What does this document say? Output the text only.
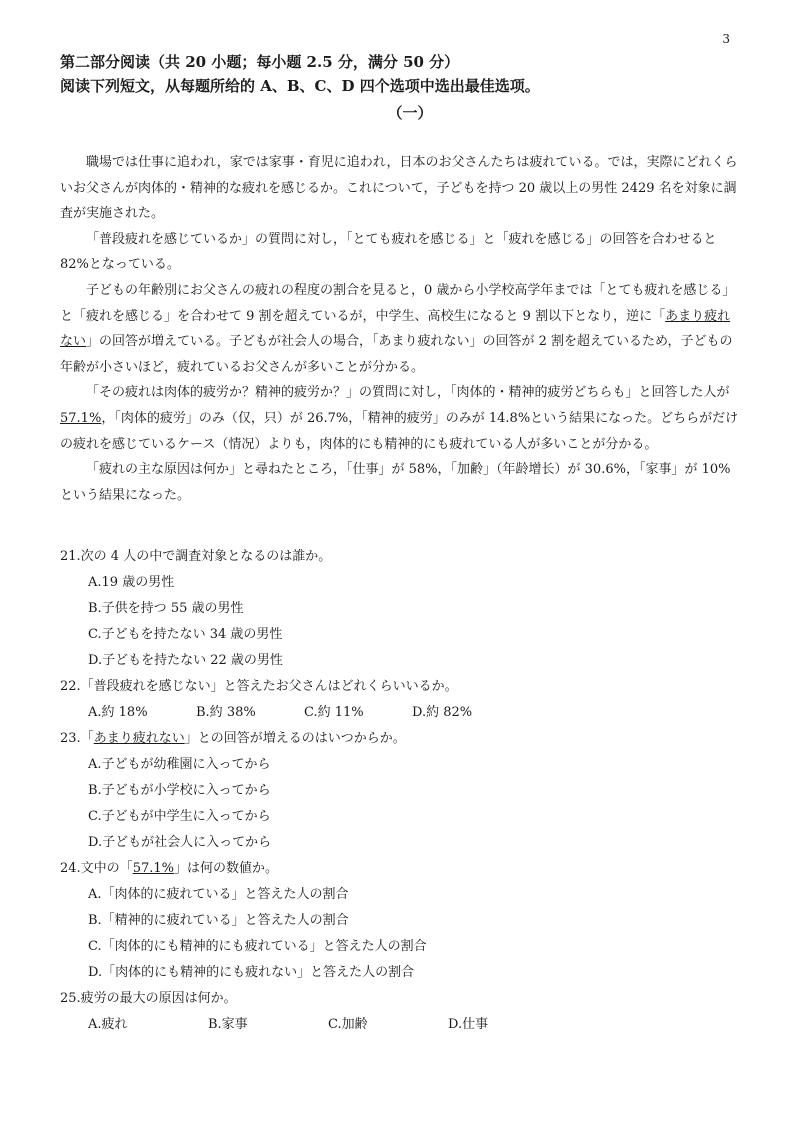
3
第二部分阅读（共 20 小题；每小题 2.5 分，满分 50 分）
阅读下列短文，从每题所给的 A、B、C、D 四个选项中选出最佳选项。
（一）

職場では仕事に追われ，家では家事・育児に追われ，日本のお父さんたちは疲れている。では，実際にどれくらいお父さんが肉体的・精神的な疲れを感じるか。これについて，子どもを持つ 20 歳以上の男性 2429 名を対象に調査が実施された。

「普段疲れを感じているか」の質問に対し，「とても疲れを感じる」と「疲れを感じる」の回答を合わせると 82%となっている。

子どもの年齢別にお父さんの疲れの程度の割合を見ると，0 歳から小学校高学年までは「とても疲れを感じる」と「疲れを感じる」を合わせて 9 割を超えているが，中学生、高校生になると 9 割以下となり，逆に「あまり疲れない」の回答が増えている。子どもが社会人の場合，「あまり疲れない」の回答が 2 割を超えているため，子どもの年齢が小さいほど，疲れているお父さんが多いことが分かる。

「その疲れは肉体的疲労か？精神的疲労か？」の質問に対し，「肉体的・精神的疲労どちらも」と回答した人が 57.1%，「肉体的疲労」のみ（仅，只）が 26.7%，「精神的疲労」のみが 14.8%という結果になった。どちらがだけの疲れを感じているケース（情况）よりも，肉体的にも精神的にも疲れている人が多いことが分かる。

「疲れの主な原因は何か」と尋ねたところ，「仕事」が 58%，「加齢」（年龄增长）が 30.6%，「家事」が 10%という結果になった。

21.次の 4 人の中で調査対象となるのは誰か。
A.19 歳の男性
B.子供を持つ 55 歳の男性
C.子どもを持たない 34 歳の男性
D.子どもを持たない 22 歳の男性
22.「普段疲れを感じない」と答えたお父さんはどれくらいいるか。
A.約 18%	B.約 38%	C.約 11%	D.約 82%
23.「あまり疲れない」との回答が増えるのはいつからか。
A.子どもが幼稚園に入ってから
B.子どもが小学校に入ってから
C.子どもが中学生に入ってから
D.子どもが社会人に入ってから
24.文中の「57.1%」は何の数値か。
A.「肉体的に疲れている」と答えた人の割合
B.「精神的に疲れている」と答えた人の割合
C.「肉体的にも精神的にも疲れている」と答えた人の割合
D.「肉体的にも精神的にも疲れない」と答えた人の割合
25.疲労の最大の原因は何か。
A.疲れ	B.家事	C.加齢	D.仕事
